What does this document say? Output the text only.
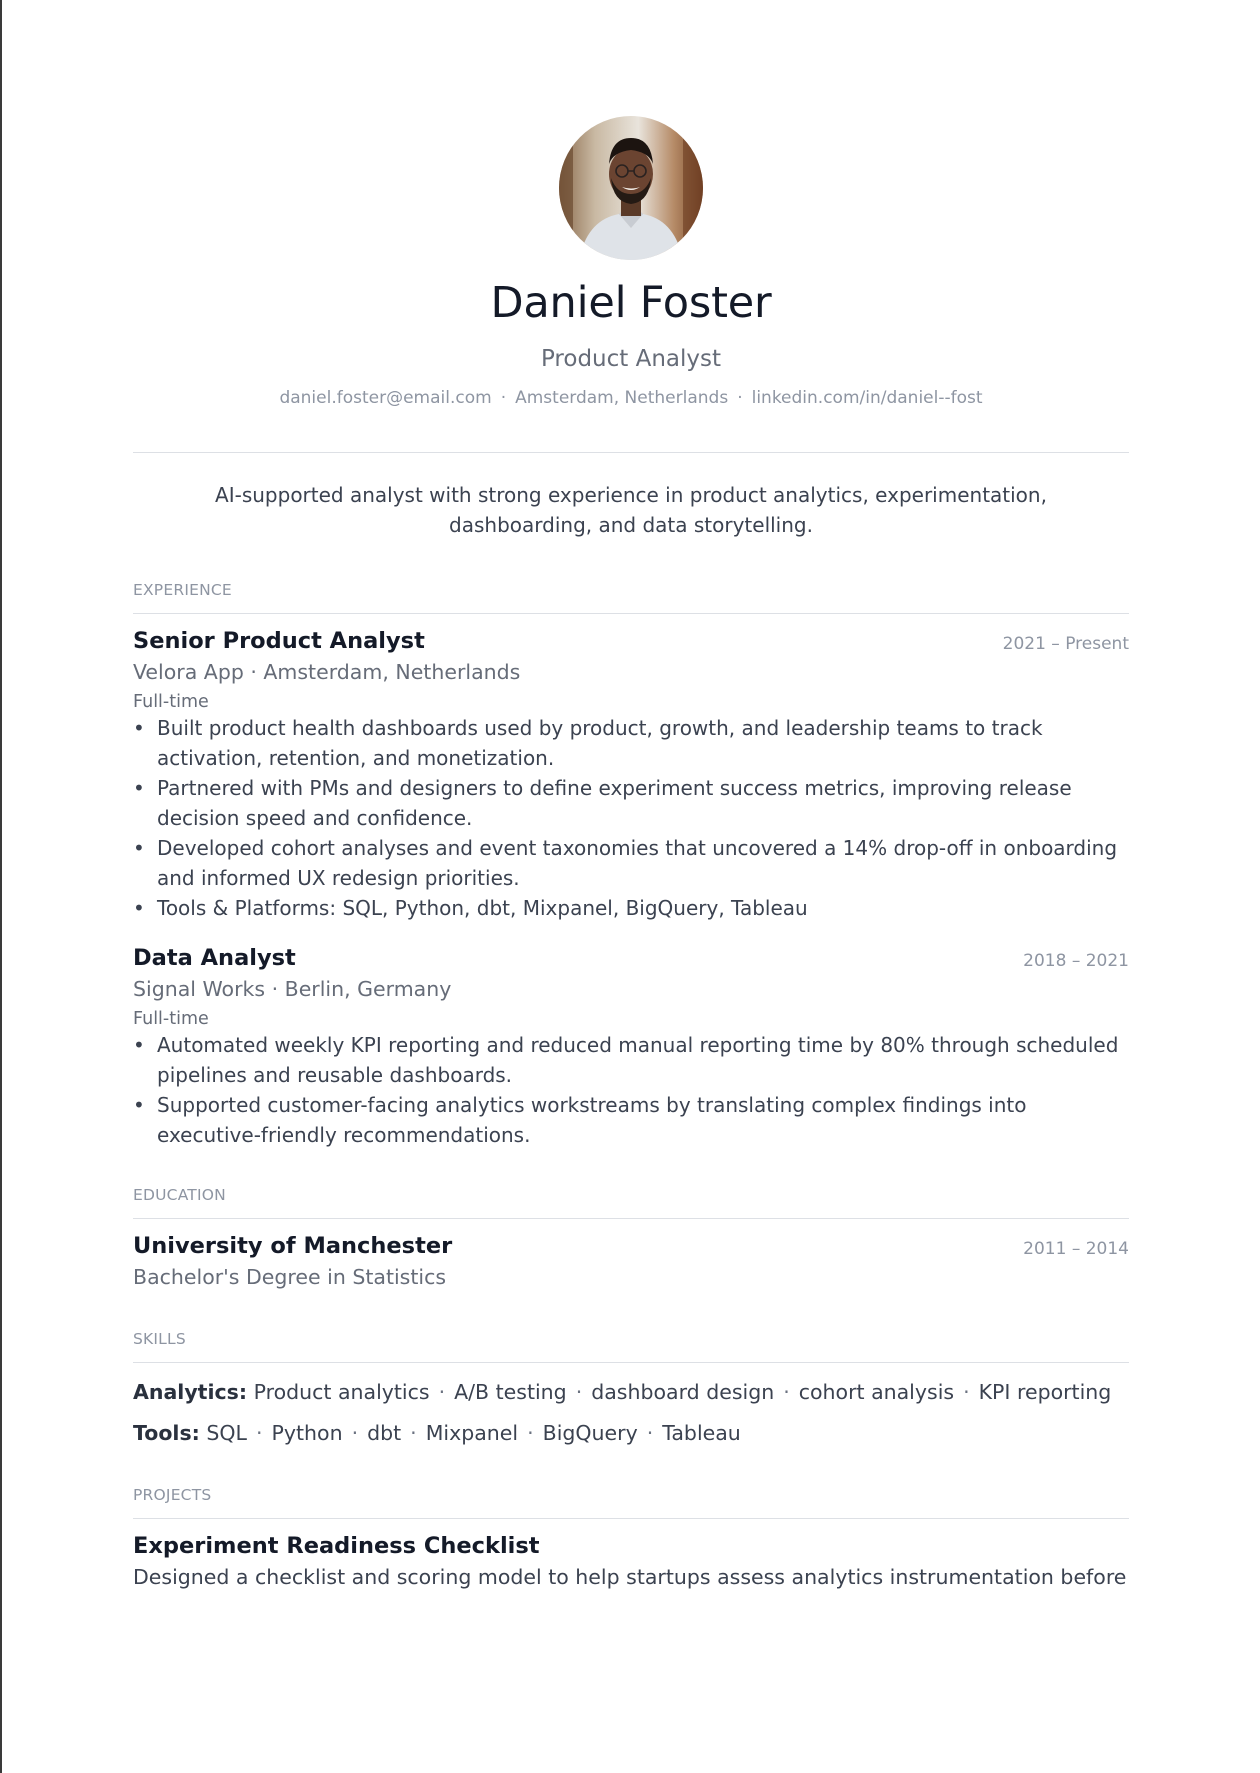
Daniel Foster
Product Analyst
daniel.foster@email.com · Amsterdam, Netherlands · linkedin.com/in/daniel--fost
AI-supported analyst with strong experience in product analytics, experimentation, dashboarding, and data storytelling.
EXPERIENCE
Senior Product Analyst	2021 – Present
Velora App · Amsterdam, Netherlands
Full-time
• Built product health dashboards used by product, growth, and leadership teams to track activation, retention, and monetization.
• Partnered with PMs and designers to define experiment success metrics, improving release decision speed and confidence.
• Developed cohort analyses and event taxonomies that uncovered a 14% drop-off in onboarding and informed UX redesign priorities.
• Tools & Platforms: SQL, Python, dbt, Mixpanel, BigQuery, Tableau
Data Analyst	2018 – 2021
Signal Works · Berlin, Germany
Full-time
• Automated weekly KPI reporting and reduced manual reporting time by 80% through scheduled pipelines and reusable dashboards.
• Supported customer-facing analytics workstreams by translating complex findings into executive-friendly recommendations.
EDUCATION
University of Manchester	2011 – 2014
Bachelor's Degree in Statistics
SKILLS
Analytics: Product analytics · A/B testing · dashboard design · cohort analysis · KPI reporting
Tools: SQL · Python · dbt · Mixpanel · BigQuery · Tableau
PROJECTS
Experiment Readiness Checklist
Designed a checklist and scoring model to help startups assess analytics instrumentation before
